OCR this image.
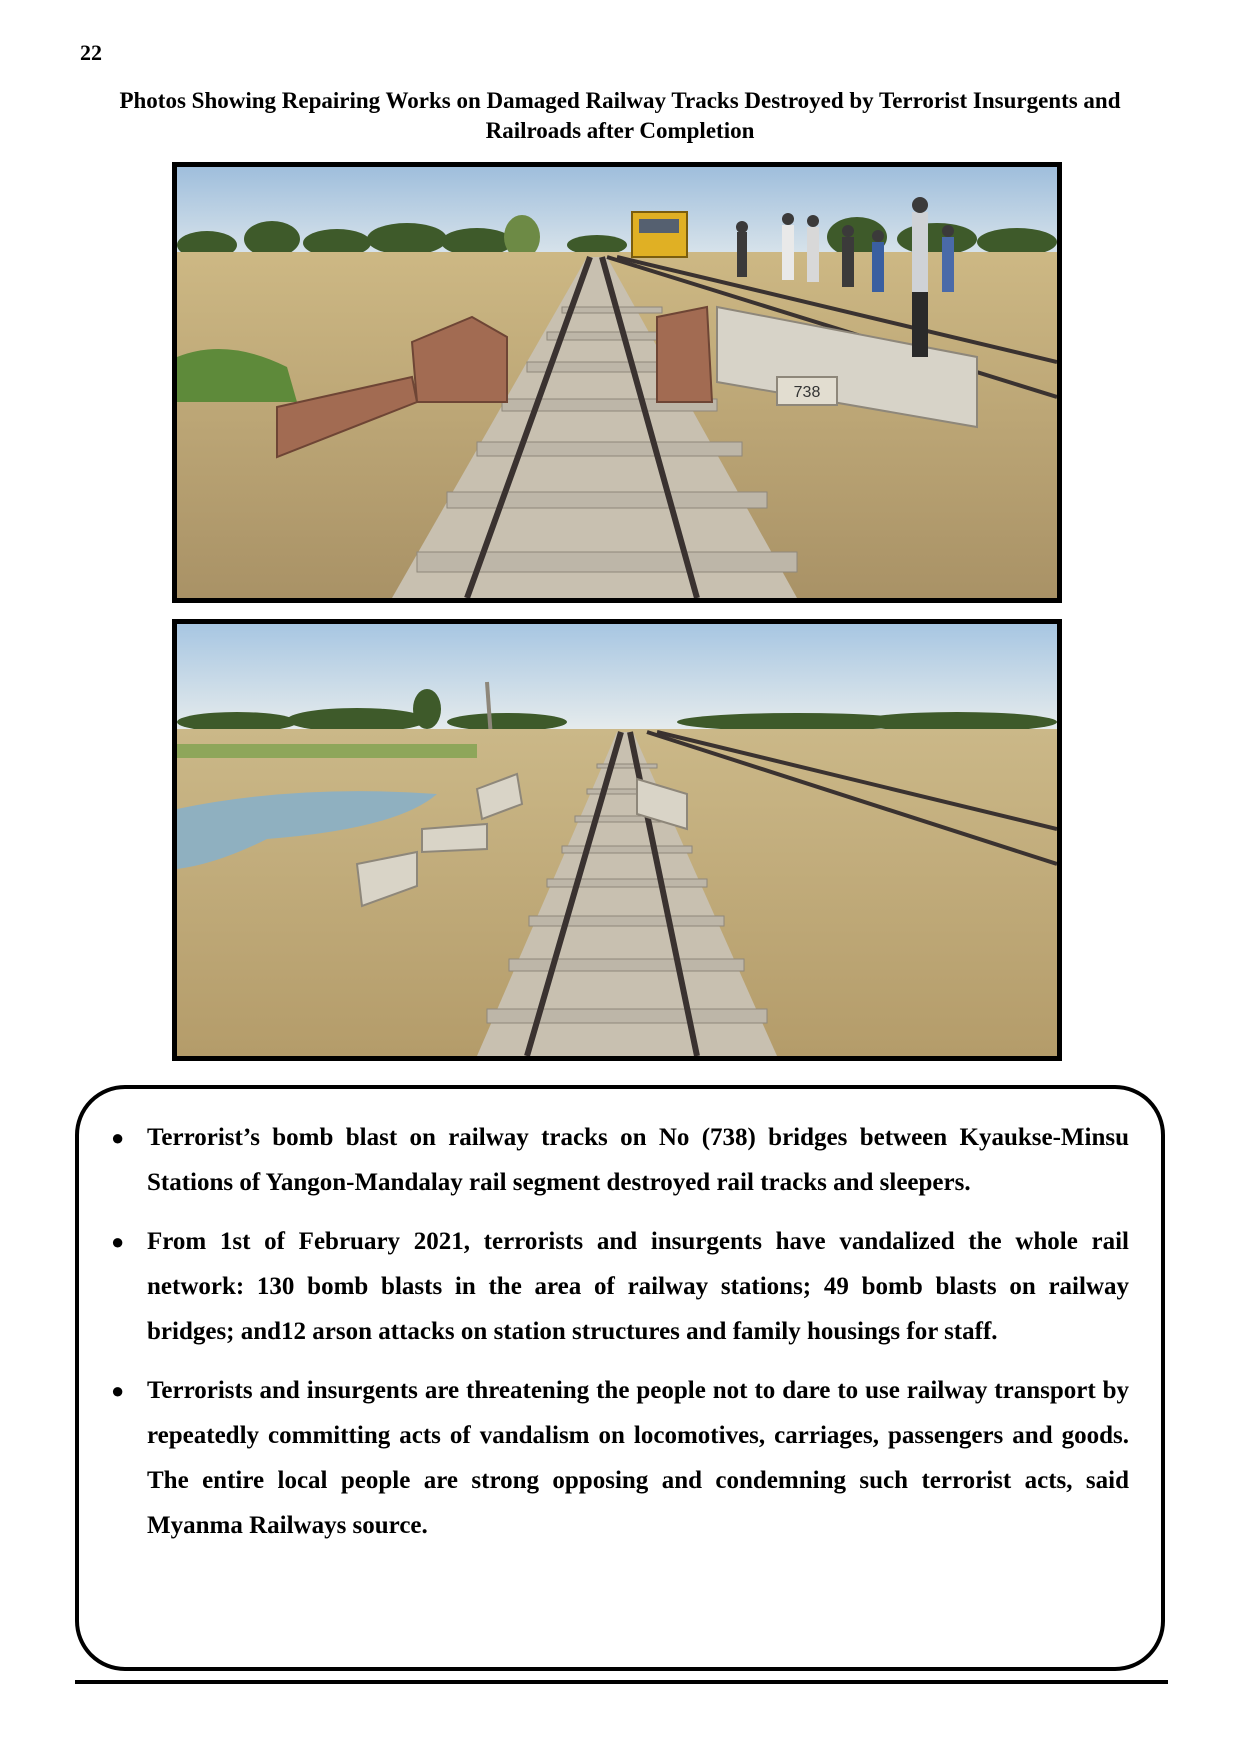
22
Photos Showing Repairing Works on Damaged Railway Tracks Destroyed by Terrorist Insurgents and Railroads after Completion
738
● Terrorist’s bomb blast on railway tracks on No (738) bridges between Kyaukse-Minsu Stations of Yangon-Mandalay rail segment destroyed rail tracks and sleepers.
● From 1st of February 2021, terrorists and insurgents have vandalized the whole rail network: 130 bomb blasts in the area of railway stations; 49 bomb blasts on railway bridges; and12 arson attacks on station structures and family housings for staff.
● Terrorists and insurgents are threatening the people not to dare to use railway transport by repeatedly committing acts of vandalism on locomotives, carriages, passengers and goods. The entire local people are strong opposing and condemning such terrorist acts, said Myanma Railways source.
